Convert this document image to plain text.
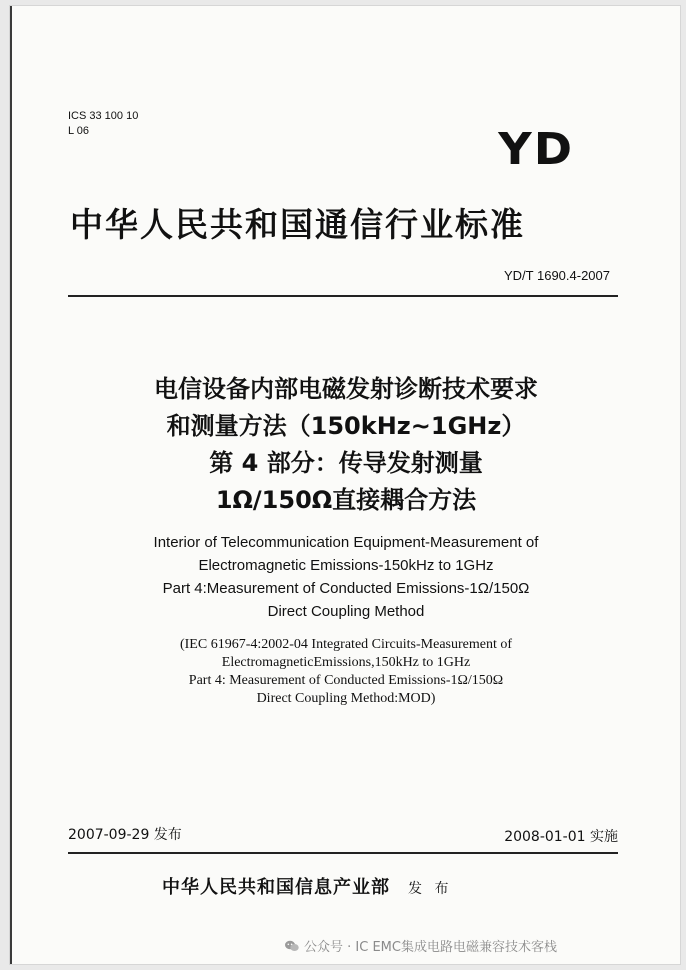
ICS 33 100 10
L 06	YD
中华人民共和国通信行业标准
YD/T 1690.4-2007
电信设备内部电磁发射诊断技术要求
和测量方法（150kHz~1GHz）
第 4 部分：传导发射测量
1Ω/150Ω直接耦合方法
Interior of Telecommunication Equipment-Measurement of
Electromagnetic Emissions-150kHz to 1GHz
Part 4:Measurement of Conducted Emissions-1Ω/150Ω
Direct Coupling Method
(IEC 61967-4:2002-04 Integrated Circuits-Measurement of
ElectromagneticEmissions,150kHz to 1GHz
Part 4: Measurement of Conducted Emissions-1Ω/150Ω
Direct Coupling Method:MOD)
2007-09-29 发布	2008-01-01 实施
中华人民共和国信息产业部 发 布
公众号 · IC EMC集成电路电磁兼容技术客栈
